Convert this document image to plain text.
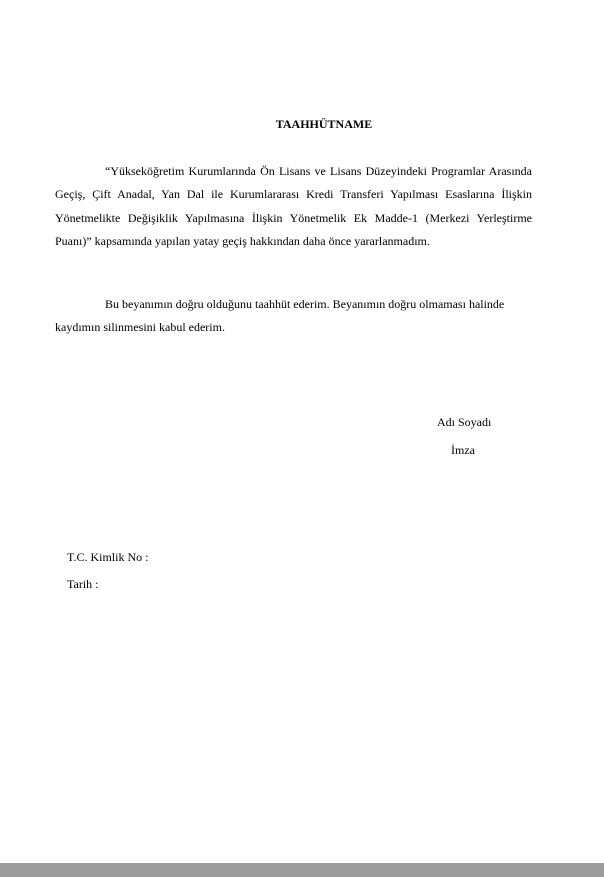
TAAHHÜTNAME

“Yükseköğretim Kurumlarında Ön Lisans ve Lisans Düzeyindeki Programlar Arasında Geçiş, Çift Anadal, Yan Dal ile Kurumlararası Kredi Transferi Yapılması Esaslarına İlişkin Yönetmelikte Değişiklik Yapılmasına İlişkin Yönetmelik Ek Madde-1 (Merkezi Yerleştirme Puanı)” kapsamında yapılan yatay geçiş hakkından daha önce yararlanmadım.

Bu beyanımın doğru olduğunu taahhüt ederim. Beyanımın doğru olmaması halinde kaydımın silinmesini kabul ederim.

Adı Soyadı
İmza
T.C. Kimlik No :
Tarih :
